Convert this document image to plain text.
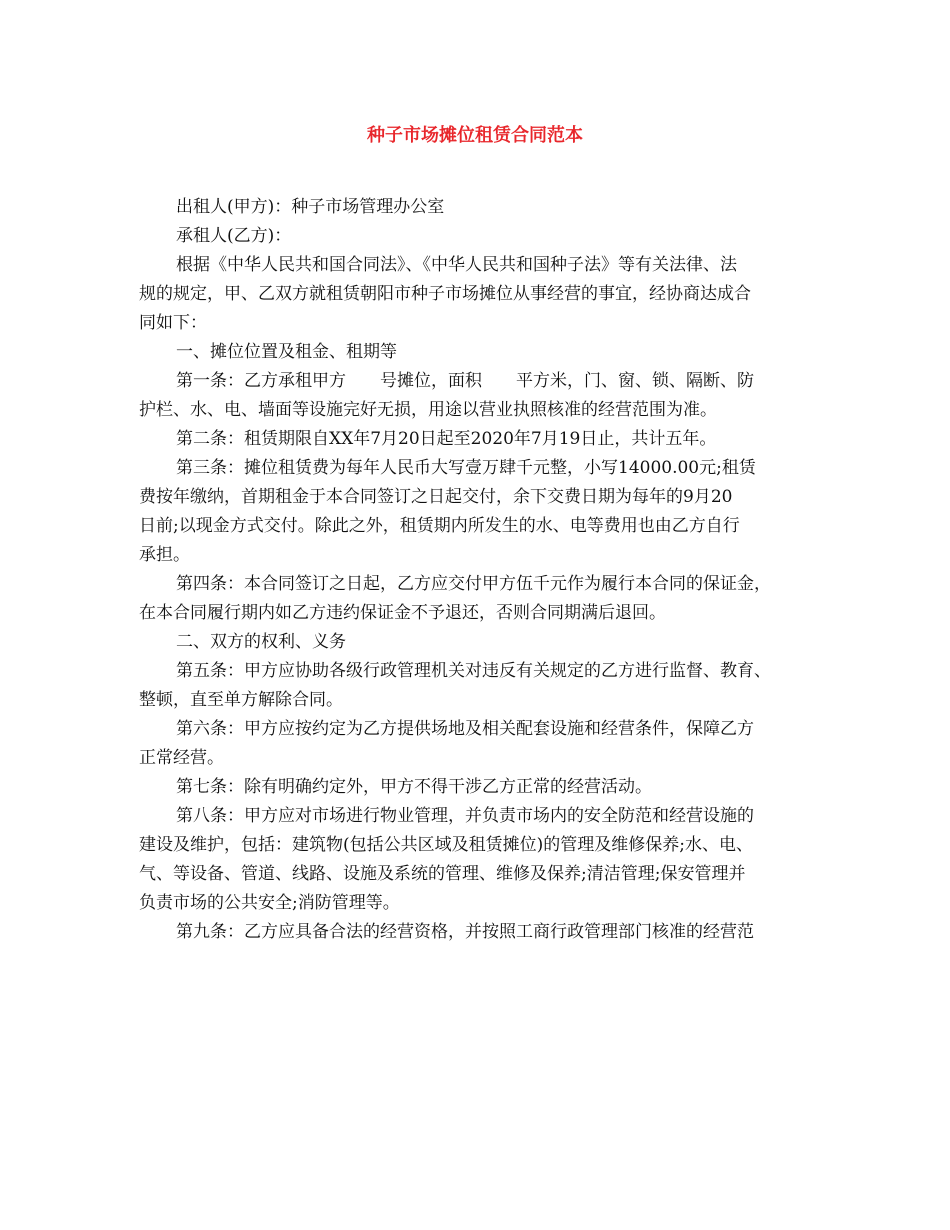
种子市场摊位租赁合同范本
出租人(甲方)：种子市场管理办公室
承租人(乙方)：
根据《中华人民共和国合同法》、《中华人民共和国种子法》等有关法律、法
规的规定，甲、乙双方就租赁朝阳市种子市场摊位从事经营的事宜，经协商达成合
同如下：
一、摊位位置及租金、租期等
第一条：乙方承租甲方　　号摊位，面积　　平方米，门、窗、锁、隔断、防
护栏、水、电、墙面等设施完好无损，用途以营业执照核准的经营范围为准。
第二条：租赁期限自XX年7月20日起至2020年7月19日止，共计五年。
第三条：摊位租赁费为每年人民币大写壹万肆千元整，小写14000.00元;租赁
费按年缴纳，首期租金于本合同签订之日起交付，余下交费日期为每年的9月20
日前;以现金方式交付。除此之外，租赁期内所发生的水、电等费用也由乙方自行
承担。
第四条：本合同签订之日起，乙方应交付甲方伍千元作为履行本合同的保证金，
在本合同履行期内如乙方违约保证金不予退还，否则合同期满后退回。
二、双方的权利、义务
第五条：甲方应协助各级行政管理机关对违反有关规定的乙方进行监督、教育、
整顿，直至单方解除合同。
第六条：甲方应按约定为乙方提供场地及相关配套设施和经营条件，保障乙方
正常经营。
第七条：除有明确约定外，甲方不得干涉乙方正常的经营活动。
第八条：甲方应对市场进行物业管理，并负责市场内的安全防范和经营设施的
建设及维护，包括：建筑物(包括公共区域及租赁摊位)的管理及维修保养;水、电、
气、等设备、管道、线路、设施及系统的管理、维修及保养;清洁管理;保安管理并
负责市场的公共安全;消防管理等。
第九条：乙方应具备合法的经营资格，并按照工商行政管理部门核准的经营范
